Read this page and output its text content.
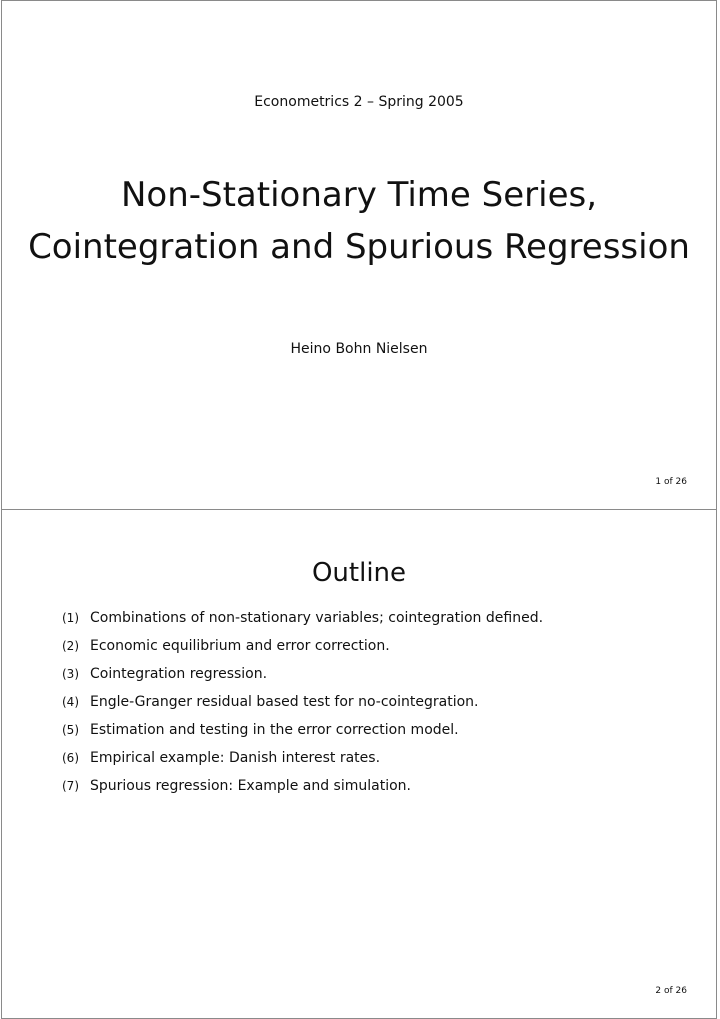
Econometrics 2 – Spring 2005
Non-Stationary Time Series,
Cointegration and Spurious Regression
Heino Bohn Nielsen
1 of 26
Outline
(1) Combinations of non-stationary variables; cointegration defined.
(2) Economic equilibrium and error correction.
(3) Cointegration regression.
(4) Engle-Granger residual based test for no-cointegration.
(5) Estimation and testing in the error correction model.
(6) Empirical example: Danish interest rates.
(7) Spurious regression: Example and simulation.
2 of 26
